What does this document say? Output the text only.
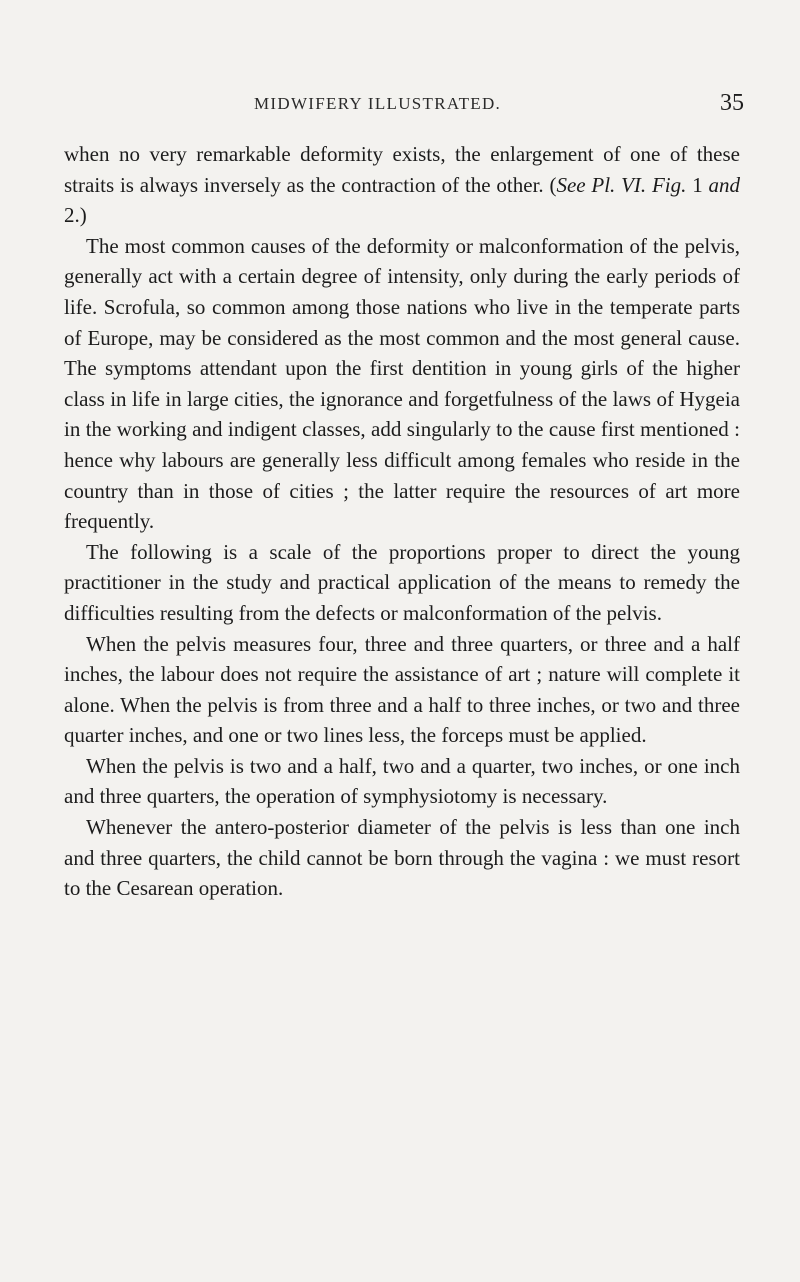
MIDWIFERY ILLUSTRATED.	35

when no very remarkable deformity exists, the enlargement of one of these straits is always inversely as the contraction of the other. (See Pl. VI. Fig. 1 and 2.)

The most common causes of the deformity or malconformation of the pelvis, generally act with a certain degree of intensity, only during the early periods of life. Scrofula, so common among those nations who live in the temperate parts of Europe, may be considered as the most common and the most general cause. The symptoms attendant upon the first dentition in young girls of the higher class in life in large cities, the ignorance and forgetfulness of the laws of Hygeia in the working and indigent classes, add singularly to the cause first mentioned : hence why labours are generally less difficult among females who reside in the country than in those of cities ; the latter require the resources of art more frequently.

The following is a scale of the proportions proper to direct the young practitioner in the study and practical application of the means to remedy the difficulties resulting from the defects or malconformation of the pelvis.

When the pelvis measures four, three and three quarters, or three and a half inches, the labour does not require the assistance of art ; nature will complete it alone. When the pelvis is from three and a half to three inches, or two and three quarter inches, and one or two lines less, the forceps must be applied.

When the pelvis is two and a half, two and a quarter, two inches, or one inch and three quarters, the operation of symphysiotomy is necessary.

Whenever the antero-posterior diameter of the pelvis is less than one inch and three quarters, the child cannot be born through the vagina : we must resort to the Cesarean operation.
